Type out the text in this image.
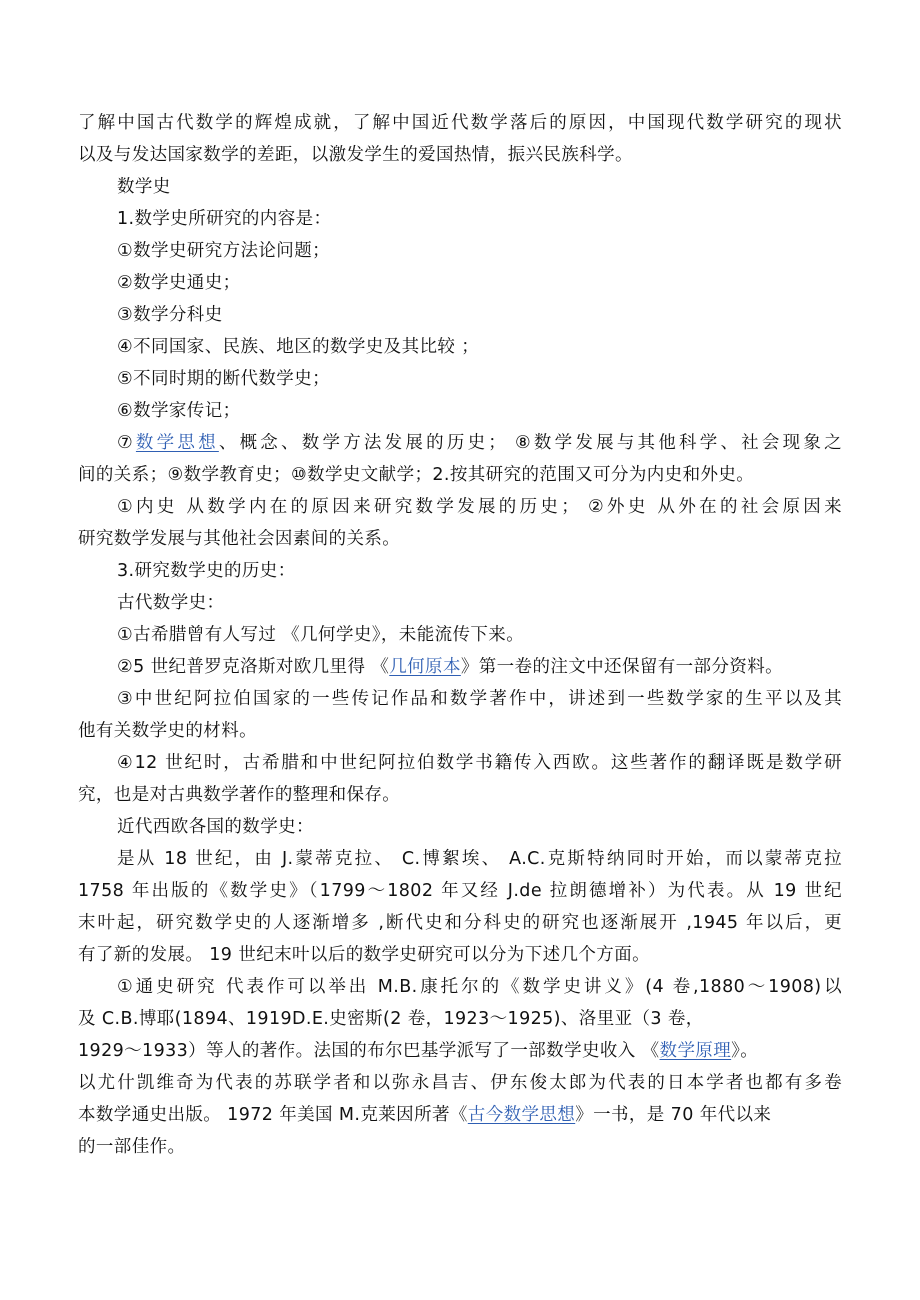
了解中国古代数学的辉煌成就，了解中国近代数学落后的原因，中国现代数学研究的现状
以及与发达国家数学的差距，以激发学生的爱国热情，振兴民族科学。
数学史
1.数学史所研究的内容是：
①数学史研究方法论问题；
②数学史通史；
③数学分科史
④不同国家、民族、地区的数学史及其比较 ；
⑤不同时期的断代数学史；
⑥数学家传记；
⑦数学思想、概念、数学方法发展的历史； ⑧数学发展与其他科学、社会现象之
间的关系；⑨数学教育史；⑩数学史文献学；2.按其研究的范围又可分为内史和外史。
①内史 从数学内在的原因来研究数学发展的历史； ②外史 从外在的社会原因来
研究数学发展与其他社会因素间的关系。
3.研究数学史的历史：
古代数学史：
①古希腊曾有人写过 《几何学史》，未能流传下来。
②5 世纪普罗克洛斯对欧几里得 《几何原本》第一卷的注文中还保留有一部分资料。
③中世纪阿拉伯国家的一些传记作品和数学著作中，讲述到一些数学家的生平以及其
他有关数学史的材料。
④12 世纪时，古希腊和中世纪阿拉伯数学书籍传入西欧。这些著作的翻译既是数学研
究，也是对古典数学著作的整理和保存。
近代西欧各国的数学史：
是从 18 世纪，由 J.蒙蒂克拉、 C.博絮埃、 A.C.克斯特纳同时开始，而以蒙蒂克拉
1758 年出版的《数学史》（1799～1802 年又经 J.de 拉朗德增补）为代表。从 19 世纪
末叶起，研究数学史的人逐渐增多 ,断代史和分科史的研究也逐渐展开 ,1945 年以后，更
有了新的发展。 19 世纪末叶以后的数学史研究可以分为下述几个方面。
①通史研究 代表作可以举出 M.B.康托尔的《数学史讲义》(4 卷,1880～1908)以
及 C.B.博耶(1894、1919D.E.史密斯(2 卷，1923～1925)、洛里亚（3 卷，
1929～1933）等人的著作。法国的布尔巴基学派写了一部数学史收入 《数学原理》。
以尤什凯维奇为代表的苏联学者和以弥永昌吉、伊东俊太郎为代表的日本学者也都有多卷
本数学通史出版。 1972 年美国 M.克莱因所著《古今数学思想》一书，是 70 年代以来
的一部佳作。
